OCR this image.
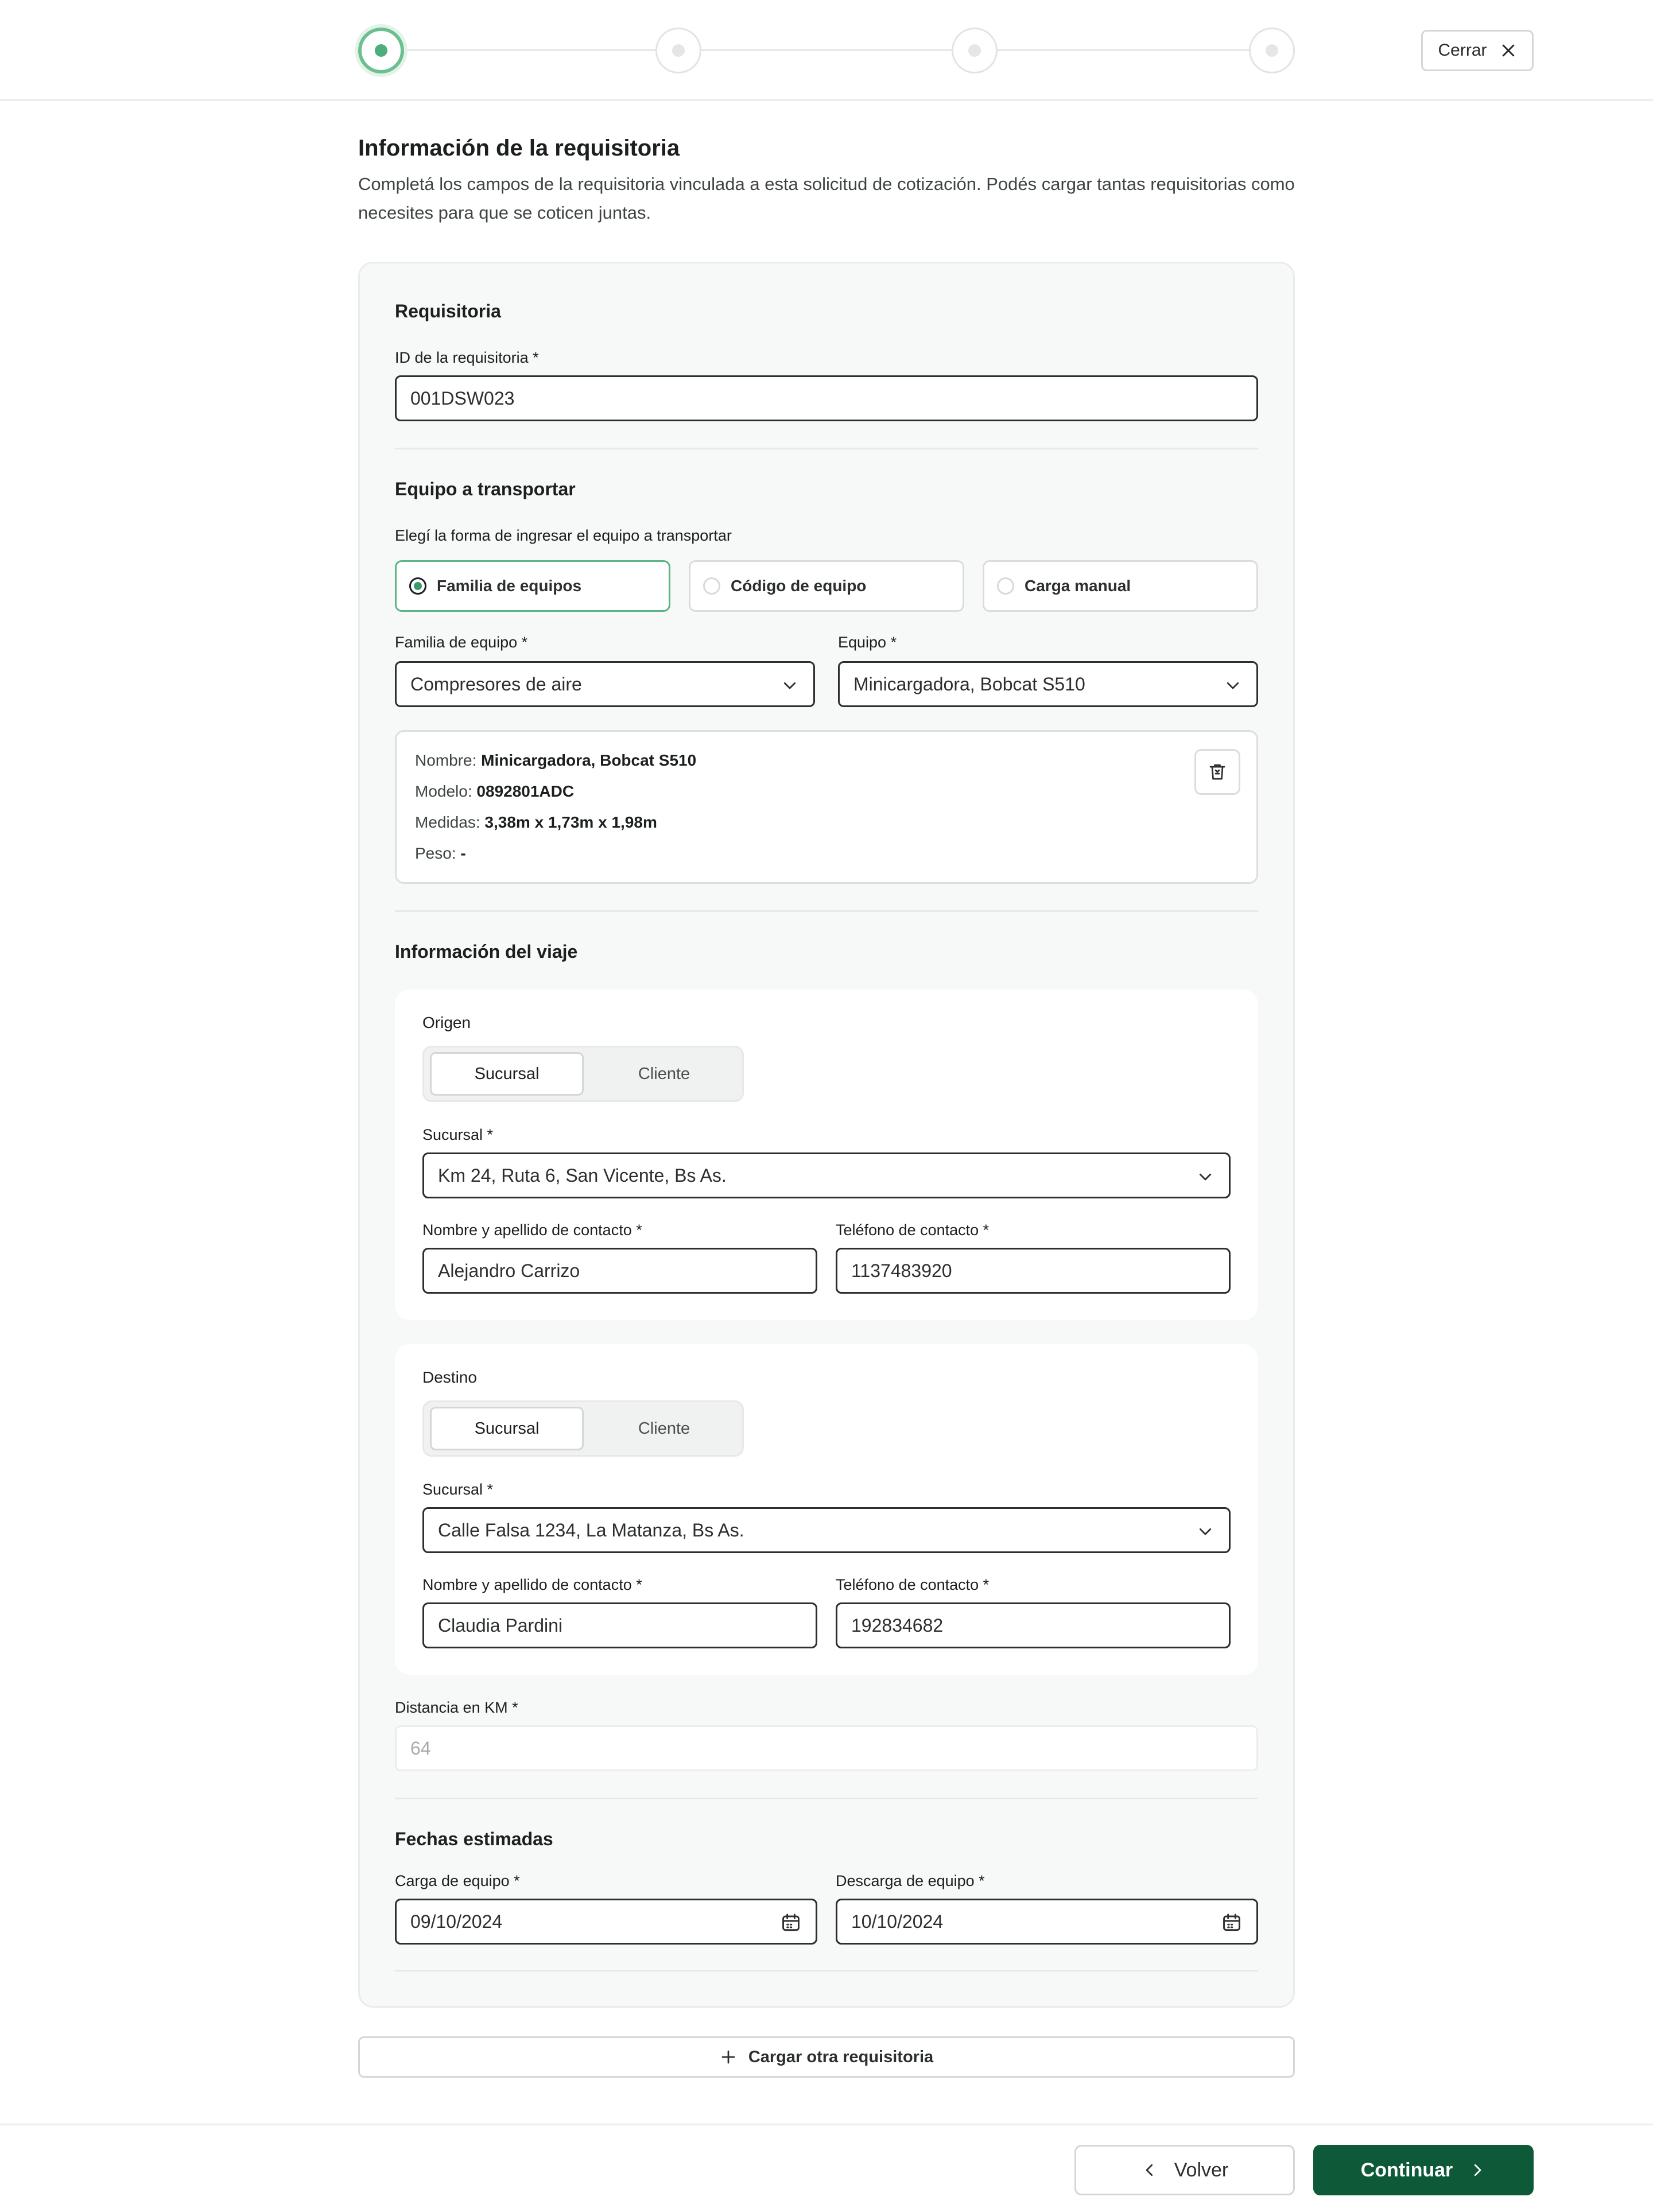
Cerrar
Información de la requisitoria
Completá los campos de la requisitoria vinculada a esta solicitud de cotización. Podés cargar tantas requisitorias como necesites para que se coticen juntas.
Requisitoria
ID de la requisitoria *
001DSW023
Equipo a transportar
Elegí la forma de ingresar el equipo a transportar
Familia de equipos	Código de equipo	Carga manual
Familia de equipo *
Compresores de aire
Equipo *
Minicargadora, Bobcat S510
Nombre: Minicargadora, Bobcat S510
Modelo: 0892801ADC
Medidas: 3,38m x 1,73m x 1,98m
Peso: -
Información del viaje
Origen
Sucursal	Cliente
Sucursal *
Km 24, Ruta 6, San Vicente, Bs As.
Nombre y apellido de contacto *
Alejandro Carrizo
Teléfono de contacto *
1137483920
Destino
Sucursal	Cliente
Sucursal *
Calle Falsa 1234, La Matanza, Bs As.
Nombre y apellido de contacto *
Claudia Pardini
Teléfono de contacto *
192834682
Distancia en KM *
64
Fechas estimadas
Carga de equipo *
09/10/2024
Descarga de equipo *
10/10/2024
Cargar otra requisitoria
Volver	Continuar
